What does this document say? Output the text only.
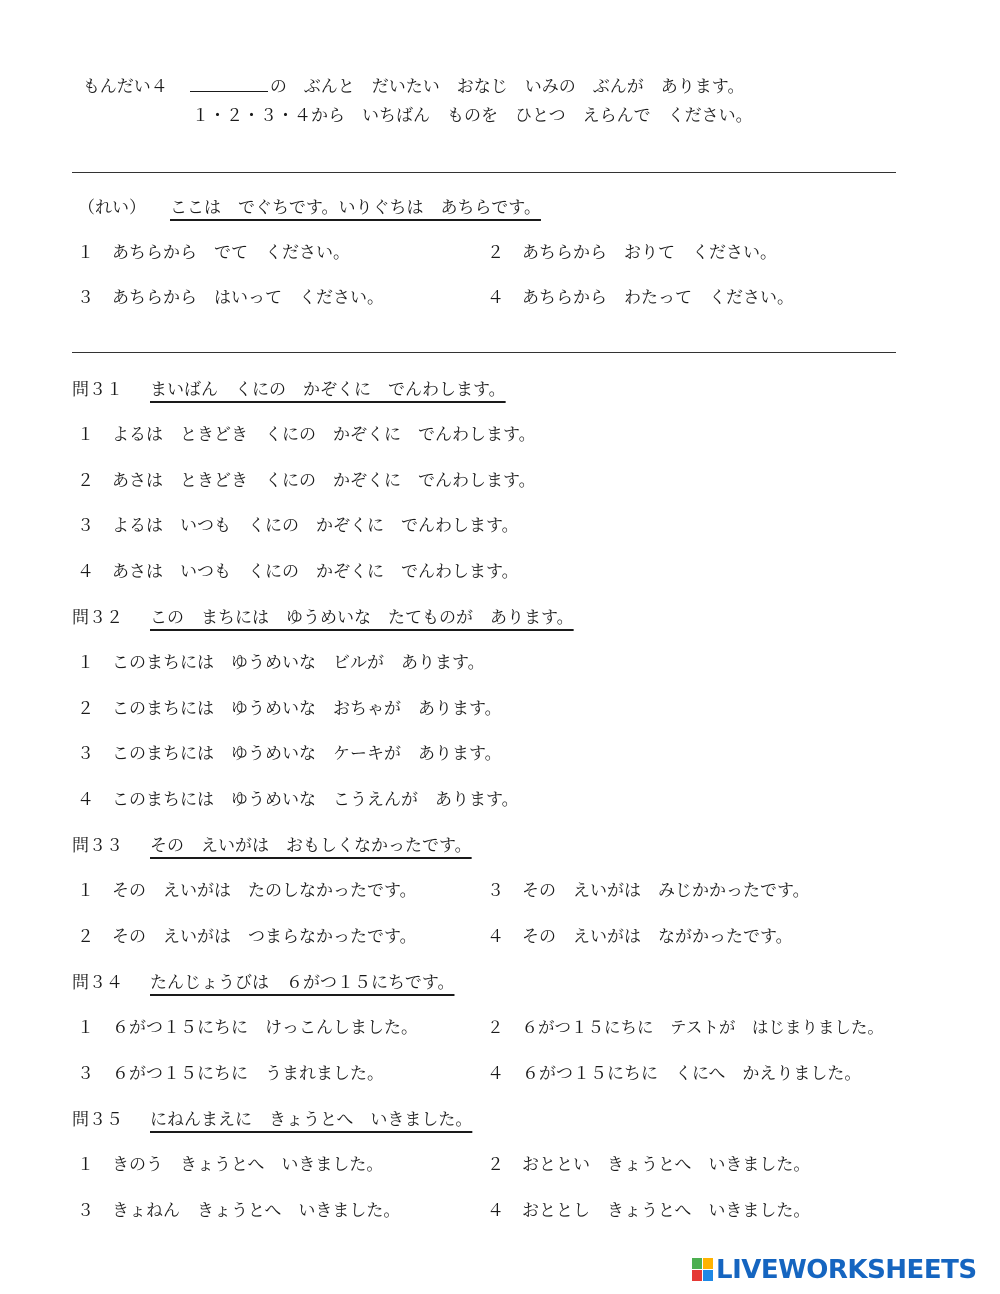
もんだい４	の　ぶんと　だいたい　おなじ　いみの　ぶんが　あります。

１・２・３・４から　いちばん　ものを　ひとつ　えらんで　ください。
（れい） ここは　でぐちです。いりぐちは　あちらです。
１ あちらから　でて　ください。	２ あちらから　おりて　ください。
３ あちらから　はいって　ください。	４ あちらから　わたって　ください。
問３１ まいばん　くにの　かぞくに　でんわします。
１ よるは　ときどき　くにの　かぞくに　でんわします。
２ あさは　ときどき　くにの　かぞくに　でんわします。
３ よるは　いつも　くにの　かぞくに　でんわします。
４ あさは　いつも　くにの　かぞくに　でんわします。
問３２ この　まちには　ゆうめいな　たてものが　あります。
１ このまちには　ゆうめいな　ビルが　あります。
２ このまちには　ゆうめいな　おちゃが　あります。
３ このまちには　ゆうめいな　ケーキが　あります。
４ このまちには　ゆうめいな　こうえんが　あります。
問３３ その　えいがは　おもしくなかったです。
１ その　えいがは　たのしなかったです。	３ その　えいがは　みじかかったです。
２ その　えいがは　つまらなかったです。	４ その　えいがは　ながかったです。
問３４ たんじょうびは　６がつ１５にちです。
１ ６がつ１５にちに　けっこんしました。	２ ６がつ１５にちに　テストが　はじまりました。
３ ６がつ１５にちに　うまれました。	４ ６がつ１５にちに　くにへ　かえりました。
問３５ にねんまえに　きょうとへ　いきました。
１ きのう　きょうとへ　いきました。	２ おととい　きょうとへ　いきました。
３ きょねん　きょうとへ　いきました。	４ おととし　きょうとへ　いきました。
LIVEWORKSHEETS
